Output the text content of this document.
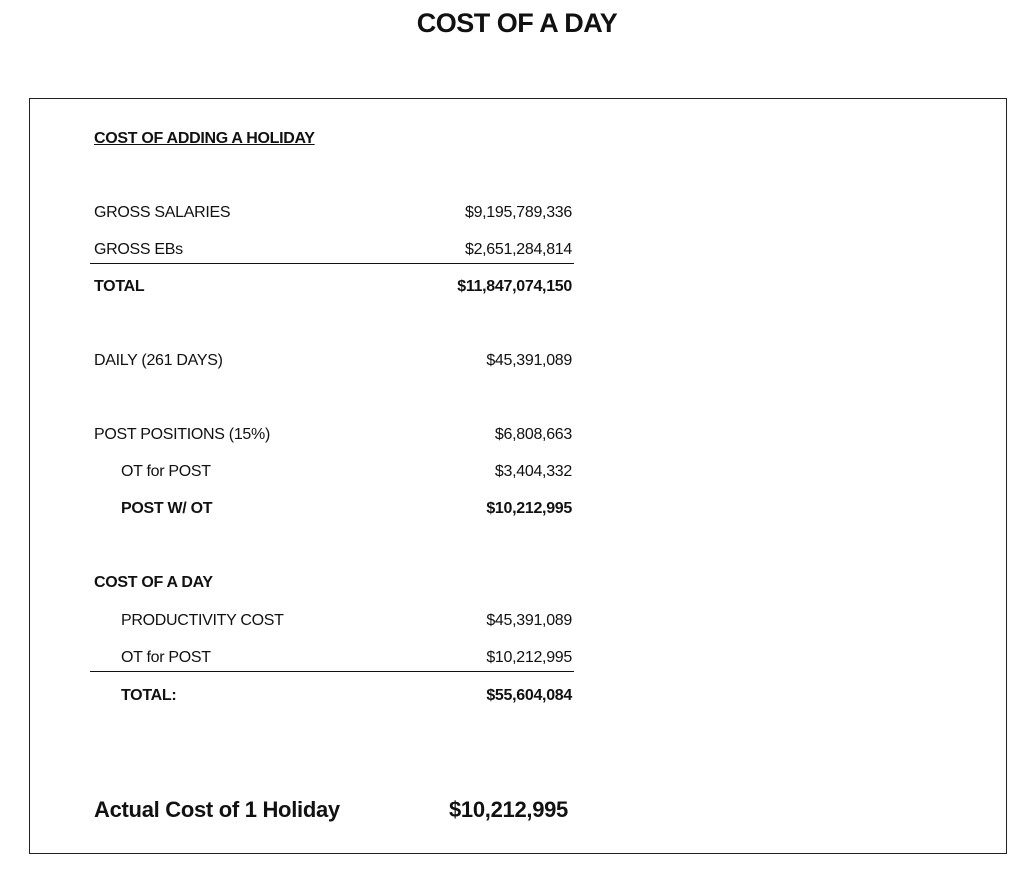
COST OF A DAY
COST OF ADDING A HOLIDAY
GROSS SALARIES	$9,195,789,336
GROSS EBs	$2,651,284,814
TOTAL	$11,847,074,150
DAILY (261 DAYS)	$45,391,089
POST POSITIONS (15%)	$6,808,663
OT for POST	$3,404,332
POST W/ OT	$10,212,995
COST OF A DAY
PRODUCTIVITY COST	$45,391,089
OT for POST	$10,212,995
TOTAL:	$55,604,084
Actual Cost of 1 Holiday	$10,212,995
